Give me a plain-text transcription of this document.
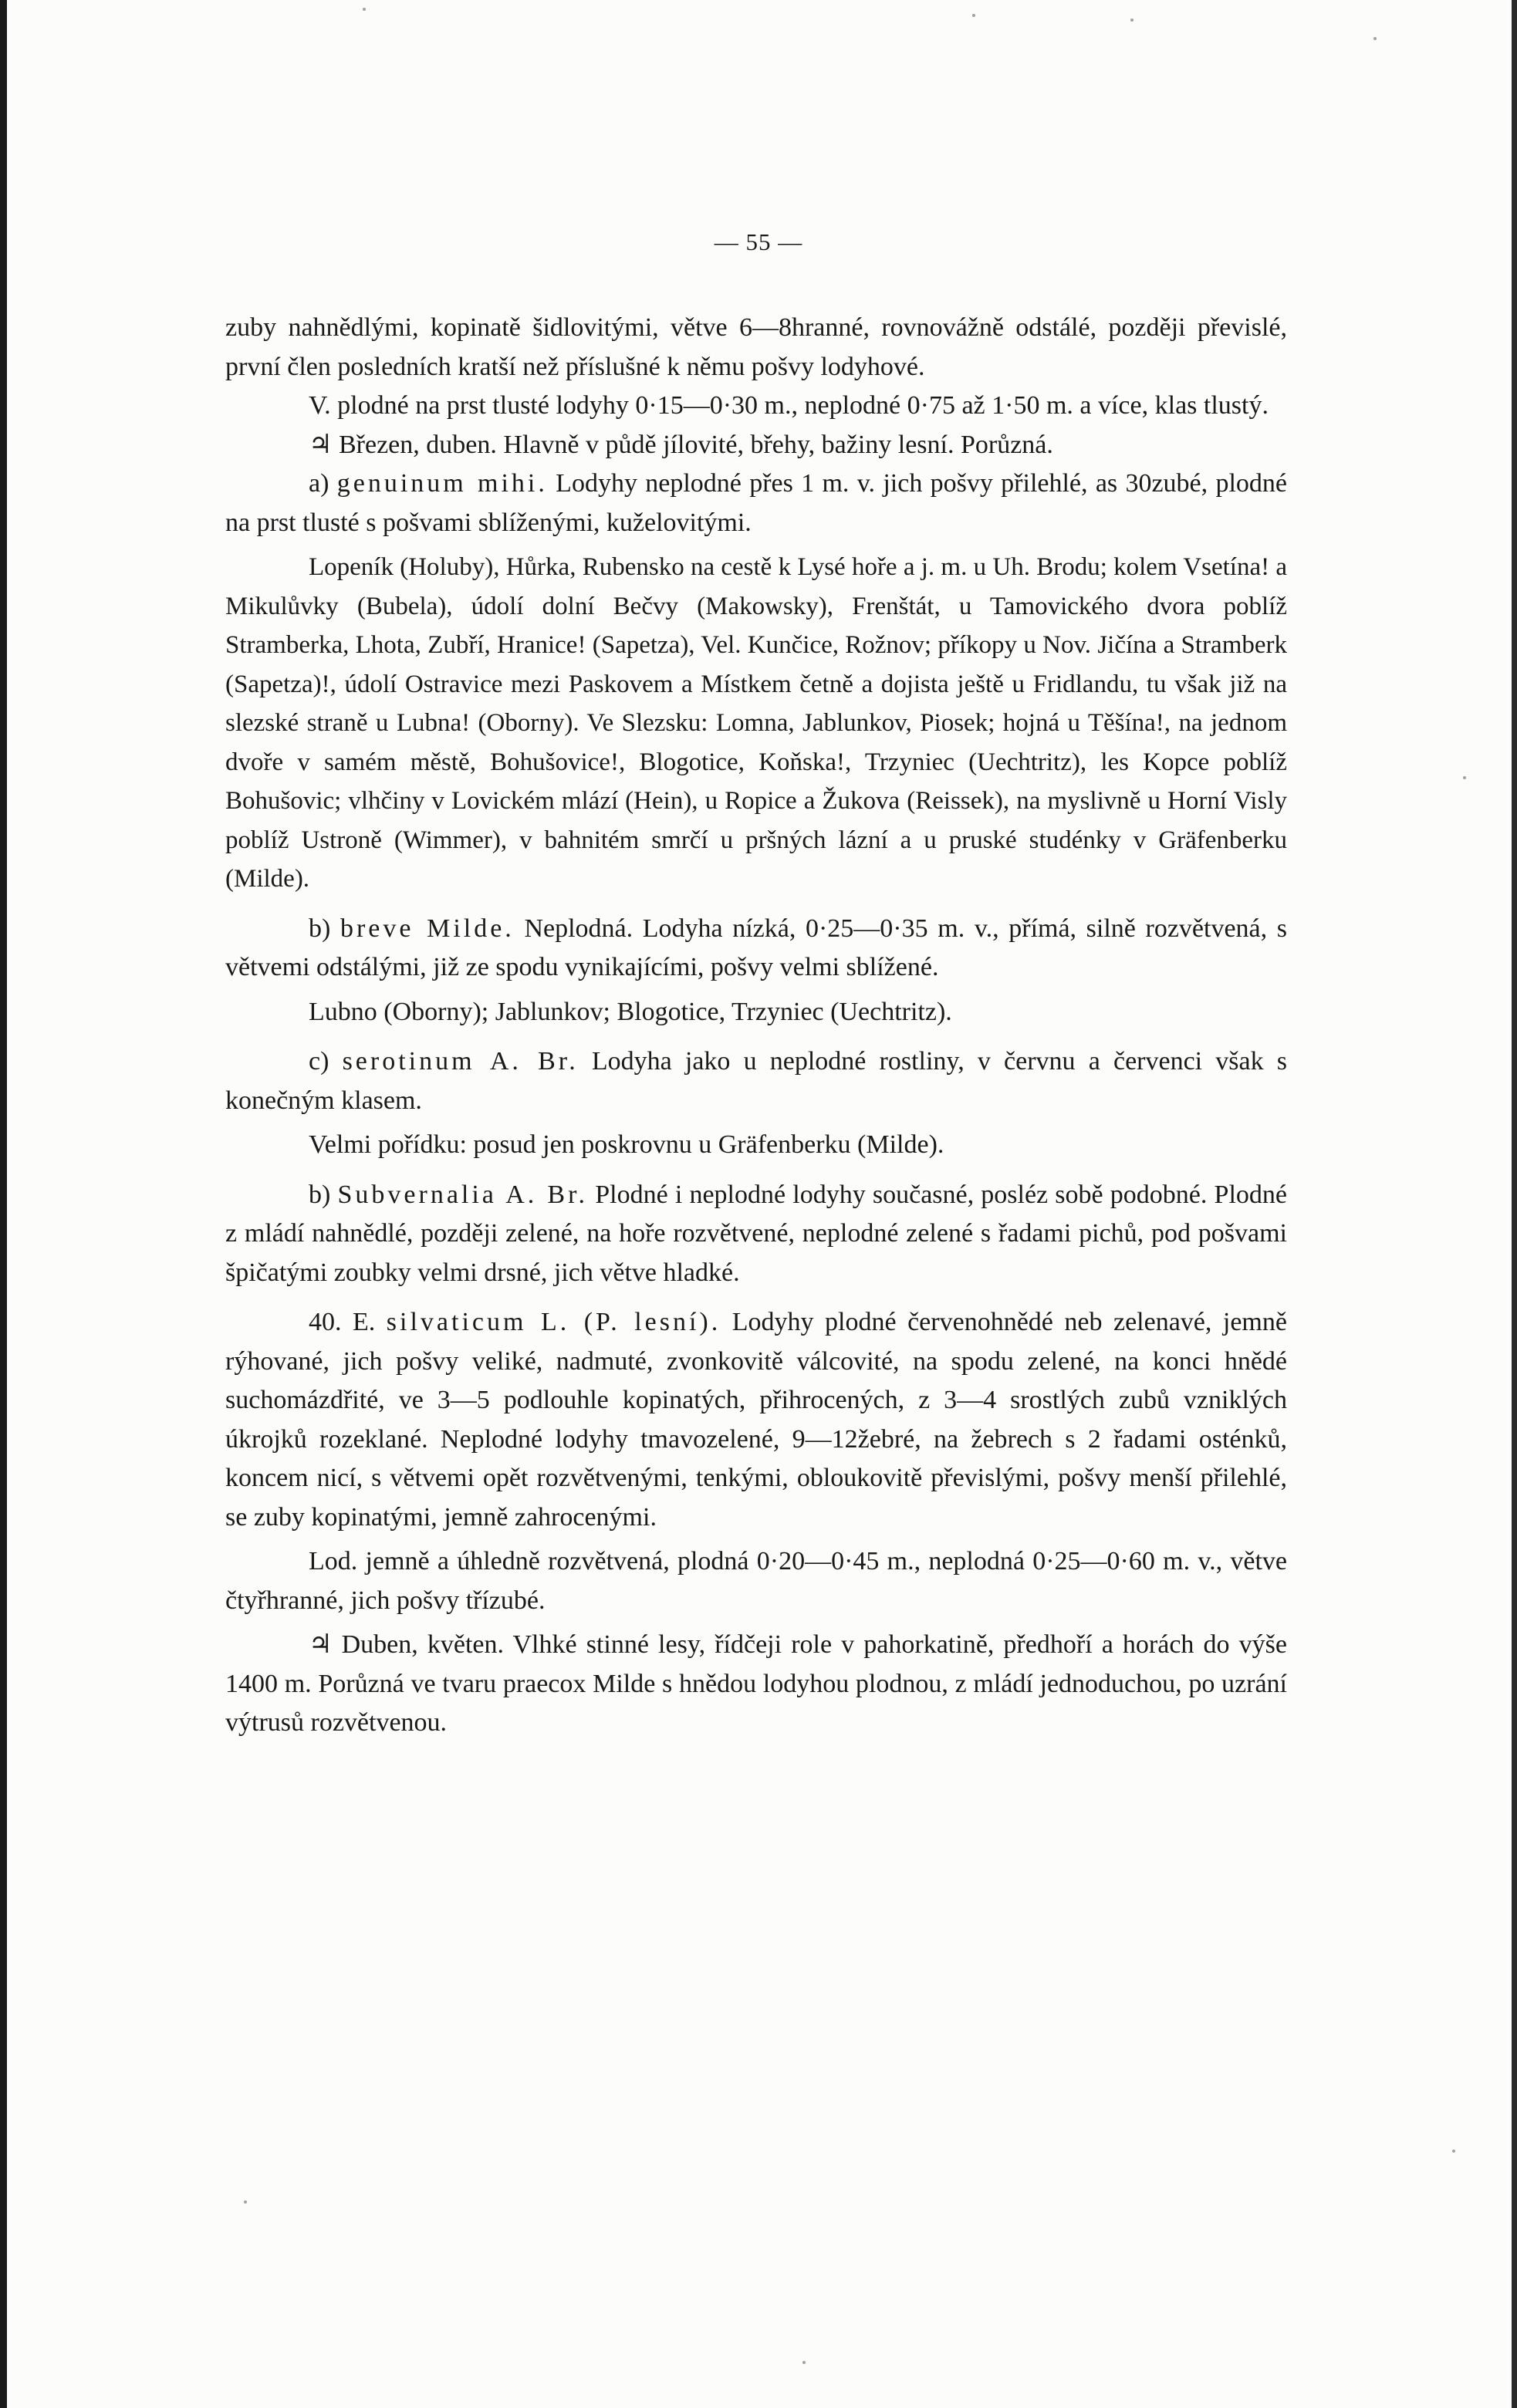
— 55 —

zuby nahnědlými, kopinatě šidlovitými, větve 6—8hranné, rovnovážně odstálé, později převislé, první člen posledních kratší než příslušné k němu pošvy lodyhové.

V. plodné na prst tlusté lodyhy 0·15—0·30 m., neplodné 0·75 až 1·50 m. a více, klas tlustý.

♃ Březen, duben. Hlavně v půdě jílovité, břehy, bažiny lesní. Porůzná.

a) genuinum mihi. Lodyhy neplodné přes 1 m. v. jich pošvy přilehlé, as 30zubé, plodné na prst tlusté s pošvami sblíženými, kuželovitými.

Lopeník (Holuby), Hůrka, Rubensko na cestě k Lysé hoře a j. m. u Uh. Brodu; kolem Vsetína! a Mikulůvky (Bubela), údolí dolní Bečvy (Makowsky), Frenštát, u Tamovického dvora poblíž Stramberka, Lhota, Zubří, Hranice! (Sapetza), Vel. Kunčice, Rožnov; příkopy u Nov. Jičína a Stramberk (Sapetza)!, údolí Ostravice mezi Paskovem a Místkem četně a dojista ještě u Fridlandu, tu však již na slezské straně u Lubna! (Oborny). Ve Slezsku: Lomna, Jablunkov, Piosek; hojná u Těšína!, na jednom dvoře v samém městě, Bohušovice!, Blogotice, Koňska!, Trzyniec (Uechtritz), les Kopce poblíž Bohušovic; vlhčiny v Lovickém mlází (Hein), u Ropice a Žukova (Reissek), na myslivně u Horní Visly poblíž Ustroně (Wimmer), v bahnitém smrčí u pršných lázní a u pruské studénky v Gräfenberku (Milde).

b) breve Milde. Neplodná. Lodyha nízká, 0·25—0·35 m. v., přímá, silně rozvětvená, s větvemi odstálými, již ze spodu vynikajícími, pošvy velmi sblížené.

Lubno (Oborny); Jablunkov; Blogotice, Trzyniec (Uechtritz).

c) serotinum A. Br. Lodyha jako u neplodné rostliny, v červnu a červenci však s konečným klasem.

Velmi pořídku: posud jen poskrovnu u Gräfenberku (Milde).

b) Subvernalia A. Br. Plodné i neplodné lodyhy současné, posléz sobě podobné. Plodné z mládí nahnědlé, později zelené, na hoře rozvětvené, neplodné zelené s řadami pichů, pod pošvami špičatými zoubky velmi drsné, jich větve hladké.

40. E. silvaticum L. (P. lesní). Lodyhy plodné červenohnědé neb zelenavé, jemně rýhované, jich pošvy veliké, nadmuté, zvonkovitě válcovité, na spodu zelené, na konci hnědé suchomázdřité, ve 3—5 podlouhle kopinatých, přihrocených, z 3—4 srostlých zubů vzniklých úkrojků rozeklané. Neplodné lodyhy tmavozelené, 9—12žebré, na žebrech s 2 řadami osténků, koncem nicí, s větvemi opět rozvětvenými, tenkými, obloukovitě převislými, pošvy menší přilehlé, se zuby kopinatými, jemně zahrocenými.

Lod. jemně a úhledně rozvětvená, plodná 0·20—0·45 m., neplodná 0·25—0·60 m. v., větve čtyřhranné, jich pošvy třízubé.

♃ Duben, květen. Vlhké stinné lesy, řídčeji role v pahorkatině, předhoří a horách do výše 1400 m. Porůzná ve tvaru praecox Milde s hnědou lodyhou plodnou, z mládí jednoduchou, po uzrání výtrusů rozvětvenou.
